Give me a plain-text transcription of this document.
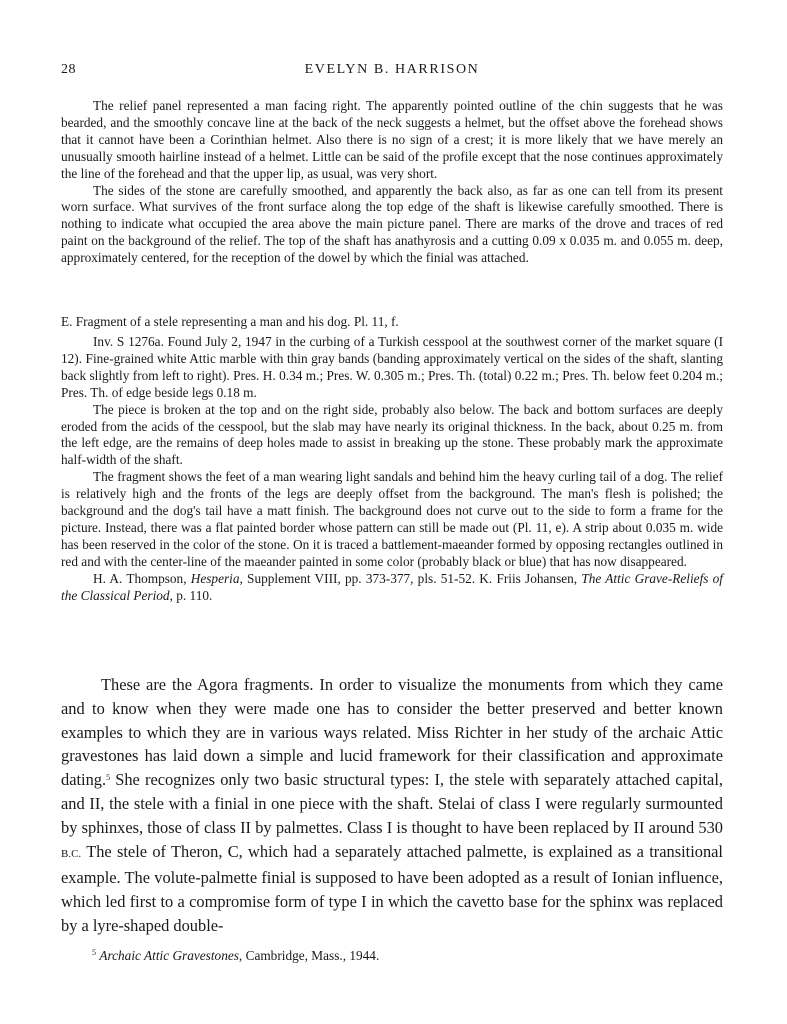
28	EVELYN B. HARRISON

The relief panel represented a man facing right. The apparently pointed outline of the chin suggests that he was bearded, and the smoothly concave line at the back of the neck suggests a helmet, but the offset above the forehead shows that it cannot have been a Corinthian helmet. Also there is no sign of a crest; it is more likely that we have merely an unusually smooth hairline instead of a helmet. Little can be said of the profile except that the nose continues approximately the line of the forehead and that the upper lip, as usual, was very short.

The sides of the stone are carefully smoothed, and apparently the back also, as far as one can tell from its present worn surface. What survives of the front surface along the top edge of the shaft is likewise carefully smoothed. There is nothing to indicate what occupied the area above the main picture panel. There are marks of the drove and traces of red paint on the background of the relief. The top of the shaft has anathyrosis and a cutting 0.09 x 0.035 m. and 0.055 m. deep, approximately centered, for the reception of the dowel by which the finial was attached.

E. Fragment of a stele representing a man and his dog. Pl. 11, f.

Inv. S 1276a. Found July 2, 1947 in the curbing of a Turkish cesspool at the southwest corner of the market square (I 12). Fine-grained white Attic marble with thin gray bands (banding approximately vertical on the sides of the shaft, slanting back slightly from left to right). Pres. H. 0.34 m.; Pres. W. 0.305 m.; Pres. Th. (total) 0.22 m.; Pres. Th. below feet 0.204 m.; Pres. Th. of edge beside legs 0.18 m.

The piece is broken at the top and on the right side, probably also below. The back and bottom surfaces are deeply eroded from the acids of the cesspool, but the slab may have nearly its original thickness. In the back, about 0.25 m. from the left edge, are the remains of deep holes made to assist in breaking up the stone. These probably mark the approximate half-width of the shaft.

The fragment shows the feet of a man wearing light sandals and behind him the heavy curling tail of a dog. The relief is relatively high and the fronts of the legs are deeply offset from the background. The man's flesh is polished; the background and the dog's tail have a matt finish. The background does not curve out to the side to form a frame for the picture. Instead, there was a flat painted border whose pattern can still be made out (Pl. 11, e). A strip about 0.035 m. wide has been reserved in the color of the stone. On it is traced a battlement-maeander formed by opposing rectangles outlined in red and with the center-line of the maeander painted in some color (probably black or blue) that has now disappeared.

H. A. Thompson, Hesperia, Supplement VIII, pp. 373-377, pls. 51-52. K. Friis Johansen, The Attic Grave-Reliefs of the Classical Period, p. 110.

These are the Agora fragments. In order to visualize the monuments from which they came and to know when they were made one has to consider the better preserved and better known examples to which they are in various ways related. Miss Richter in her study of the archaic Attic gravestones has laid down a simple and lucid framework for their classification and approximate dating.$^5$ She recognizes only two basic structural types: I, the stele with separately attached capital, and II, the stele with a finial in one piece with the shaft. Stelai of class I were regularly surmounted by sphinxes, those of class II by palmettes. Class I is thought to have been replaced by II around 530 B.C. The stele of Theron, C, which had a separately attached palmette, is explained as a transitional example. The volute-palmette finial is supposed to have been adopted as a result of Ionian influence, which led first to a compromise form of type I in which the cavetto base for the sphinx was replaced by a lyre-shaped double-

$^5$ Archaic Attic Gravestones, Cambridge, Mass., 1944.
